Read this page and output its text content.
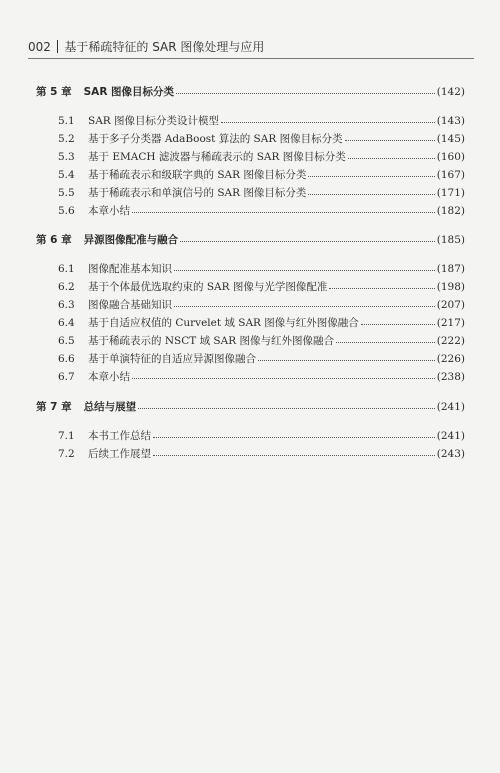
002 基于稀疏特征的 SAR 图像处理与应用
第 5 章 SAR 图像目标分类	(142)
5.1	SAR 图像目标分类设计模型	(143)
5.2	基于多子分类器 AdaBoost 算法的 SAR 图像目标分类	(145)
5.3	基于 EMACH 滤波器与稀疏表示的 SAR 图像目标分类	(160)
5.4	基于稀疏表示和级联字典的 SAR 图像目标分类	(167)
5.5	基于稀疏表示和单演信号的 SAR 图像目标分类	(171)
5.6	本章小结	(182)
第 6 章 异源图像配准与融合	(185)
6.1	图像配准基本知识	(187)
6.2	基于个体最优选取约束的 SAR 图像与光学图像配准	(198)
6.3	图像融合基础知识	(207)
6.4	基于自适应权值的 Curvelet 域 SAR 图像与红外图像融合	(217)
6.5	基于稀疏表示的 NSCT 域 SAR 图像与红外图像融合	(222)
6.6	基于单演特征的自适应异源图像融合	(226)
6.7	本章小结	(238)
第 7 章 总结与展望	(241)
7.1	本书工作总结	(241)
7.2	后续工作展望	(243)
